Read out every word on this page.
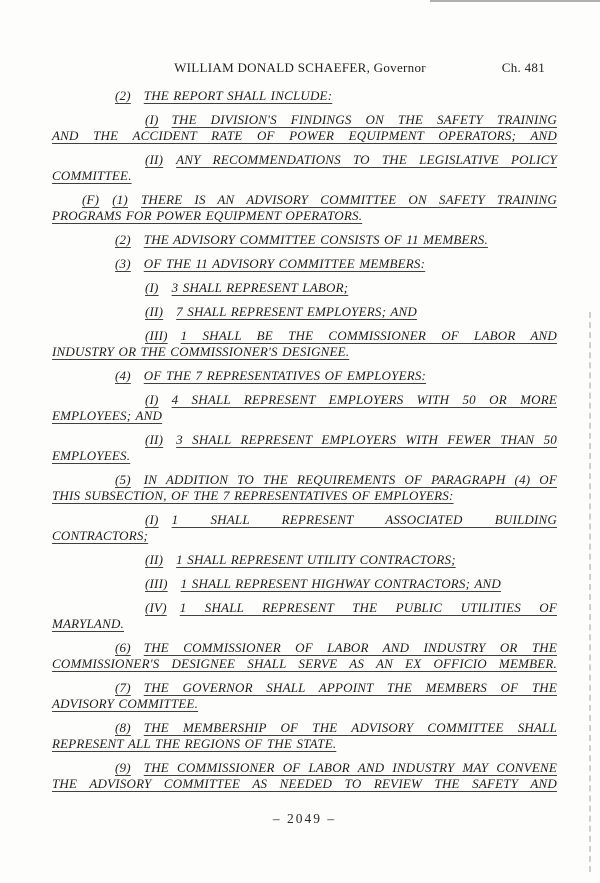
WILLIAM DONALD SCHAEFER, Governor	Ch. 481
(2) THE REPORT SHALL INCLUDE:
(I) THE DIVISION'S FINDINGS ON THE SAFETY TRAINING
AND THE ACCIDENT RATE OF POWER EQUIPMENT OPERATORS; AND
(II) ANY RECOMMENDATIONS TO THE LEGISLATIVE POLICY
COMMITTEE.
(F) (1) THERE IS AN ADVISORY COMMITTEE ON SAFETY TRAINING
PROGRAMS FOR POWER EQUIPMENT OPERATORS.
(2) THE ADVISORY COMMITTEE CONSISTS OF 11 MEMBERS.
(3) OF THE 11 ADVISORY COMMITTEE MEMBERS:
(I) 3 SHALL REPRESENT LABOR;
(II) 7 SHALL REPRESENT EMPLOYERS; AND
(III) 1 SHALL BE THE COMMISSIONER OF LABOR AND
INDUSTRY OR THE COMMISSIONER'S DESIGNEE.
(4) OF THE 7 REPRESENTATIVES OF EMPLOYERS:
(I) 4 SHALL REPRESENT EMPLOYERS WITH 50 OR MORE
EMPLOYEES; AND
(II) 3 SHALL REPRESENT EMPLOYERS WITH FEWER THAN 50
EMPLOYEES.
(5) IN ADDITION TO THE REQUIREMENTS OF PARAGRAPH (4) OF
THIS SUBSECTION, OF THE 7 REPRESENTATIVES OF EMPLOYERS:
(I) 1 SHALL REPRESENT ASSOCIATED BUILDING
CONTRACTORS;
(II) 1 SHALL REPRESENT UTILITY CONTRACTORS;
(III) 1 SHALL REPRESENT HIGHWAY CONTRACTORS; AND
(IV) 1 SHALL REPRESENT THE PUBLIC UTILITIES OF
MARYLAND.
(6) THE COMMISSIONER OF LABOR AND INDUSTRY OR THE
COMMISSIONER'S DESIGNEE SHALL SERVE AS AN EX OFFICIO MEMBER.
(7) THE GOVERNOR SHALL APPOINT THE MEMBERS OF THE
ADVISORY COMMITTEE.
(8) THE MEMBERSHIP OF THE ADVISORY COMMITTEE SHALL
REPRESENT ALL THE REGIONS OF THE STATE.
(9) THE COMMISSIONER OF LABOR AND INDUSTRY MAY CONVENE
THE ADVISORY COMMITTEE AS NEEDED TO REVIEW THE SAFETY AND
– 2049 –
